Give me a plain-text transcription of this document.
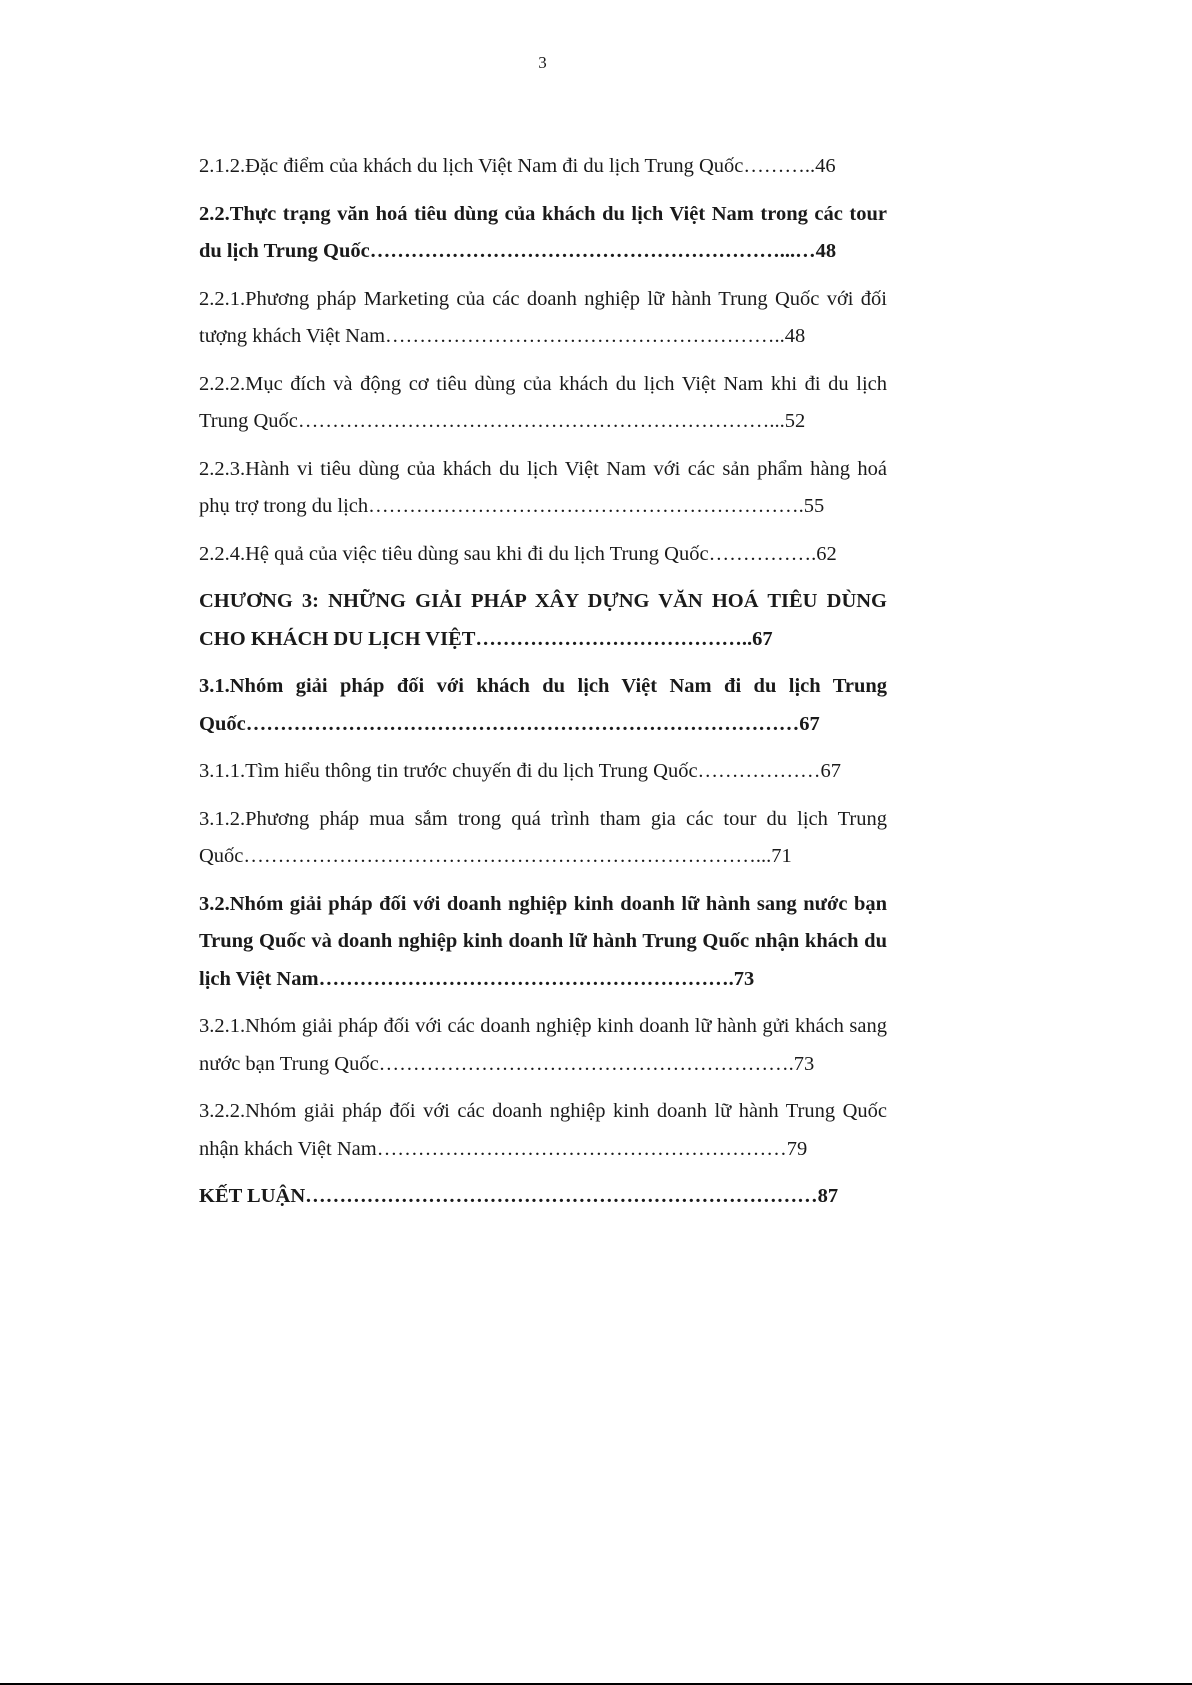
3

2.1.2.Đặc điểm của khách du lịch Việt Nam đi du lịch Trung Quốc………..46

2.2.Thực trạng văn hoá tiêu dùng của khách du lịch Việt Nam trong các tour du lịch Trung Quốc……………………………………………………...…48

2.2.1.Phương pháp Marketing của các doanh nghiệp lữ hành Trung Quốc với đối tượng khách Việt Nam…………………………………………………..48

2.2.2.Mục đích và động cơ tiêu dùng của khách du lịch Việt Nam khi đi du lịch Trung Quốc……………………………………………………………...52

2.2.3.Hành vi tiêu dùng của khách du lịch Việt Nam với các sản phẩm hàng hoá phụ trợ trong du lịch……………………………………………………….55

2.2.4.Hệ quả của việc tiêu dùng sau khi đi du lịch Trung Quốc…………….62

CHƯƠNG 3: NHỮNG GIẢI PHÁP XÂY DỰNG VĂN HOÁ TIÊU DÙNG CHO KHÁCH DU LỊCH VIỆT…………………………………..67

3.1.Nhóm giải pháp đối với khách du lịch Việt Nam đi du lịch Trung Quốc………………………………………………………………………67

3.1.1.Tìm hiểu thông tin trước chuyến đi du lịch Trung Quốc………………67

3.1.2.Phương pháp mua sắm trong quá trình tham gia các tour du lịch Trung Quốc…………………………………………………………………...71

3.2.Nhóm giải pháp đối với doanh nghiệp kinh doanh lữ hành sang nước bạn Trung Quốc và doanh nghiệp kinh doanh lữ hành Trung Quốc nhận khách du lịch Việt Nam…………………………………………………….73

3.2.1.Nhóm giải pháp đối với các doanh nghiệp kinh doanh lữ hành gửi khách sang nước bạn Trung Quốc…………………………………………………….73

3.2.2.Nhóm giải pháp đối với các doanh nghiệp kinh doanh lữ hành Trung Quốc nhận khách Việt Nam……………………………………………………79

KẾT LUẬN…………………………………………………………………87
